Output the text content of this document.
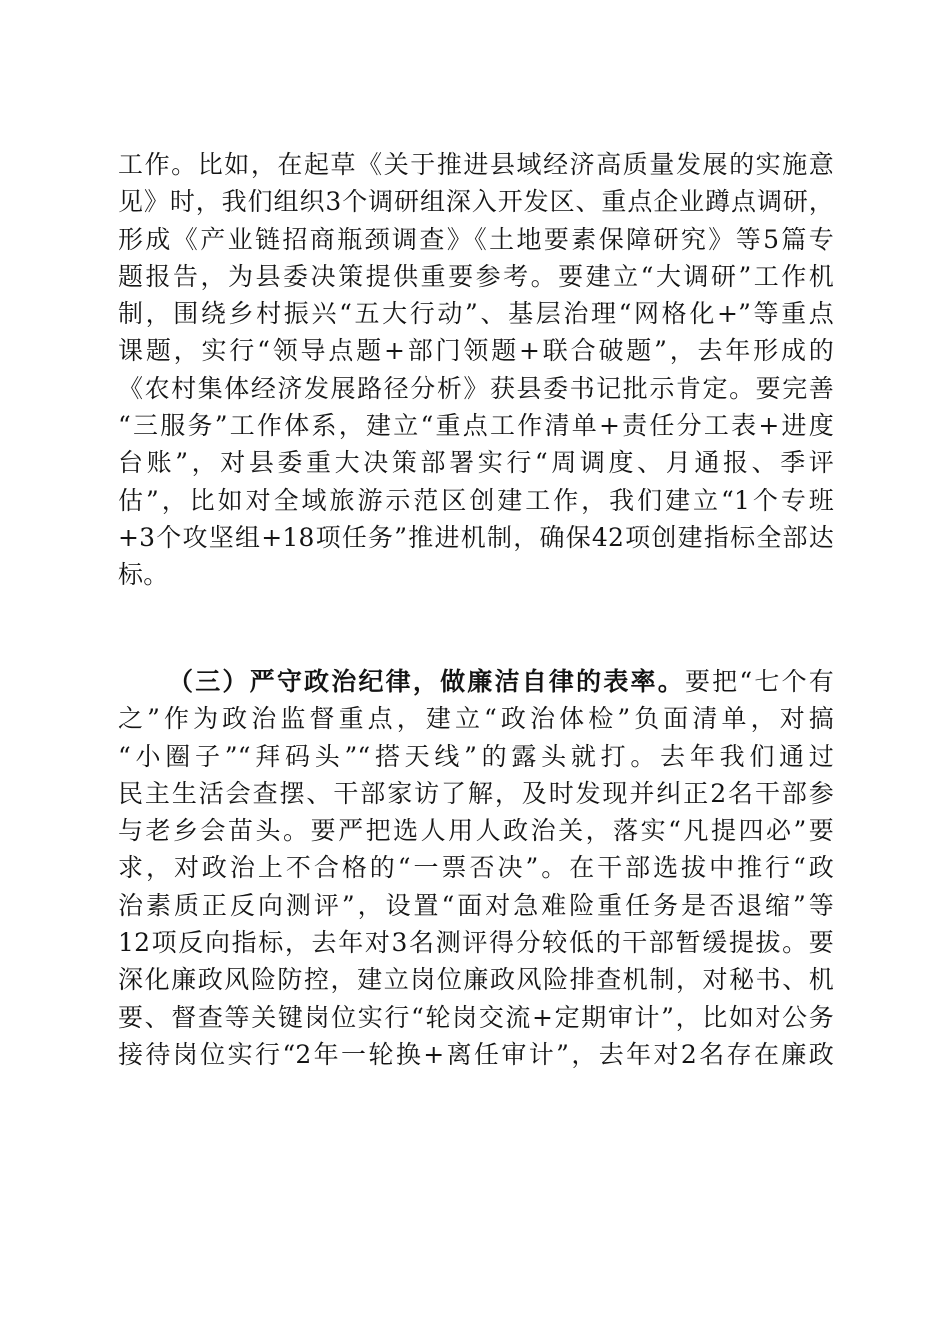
工作。比如，在起草《关于推进县域经济高质量发展的实施意
见》时，我们组织3个调研组深入开发区、重点企业蹲点调研，
形成《产业链招商瓶颈调查》《土地要素保障研究》等5篇专
题报告，为县委决策提供重要参考。要建立“大调研”工作机
制，围绕乡村振兴“五大行动”、基层治理“网格化+”等重点
课题，实行“领导点题+部门领题+联合破题”，去年形成的
《农村集体经济发展路径分析》获县委书记批示肯定。要完善
“三服务”工作体系，建立“重点工作清单+责任分工表+进度
台账”，对县委重大决策部署实行“周调度、月通报、季评
估”，比如对全域旅游示范区创建工作，我们建立“1个专班
+3个攻坚组+18项任务”推进机制，确保42项创建指标全部达
标。
（三）严守政治纪律，做廉洁自律的表率。要把“七个有
之”作为政治监督重点，建立“政治体检”负面清单，对搞
“小圈子”“拜码头”“搭天线”的露头就打。去年我们通过
民主生活会查摆、干部家访了解，及时发现并纠正2名干部参
与老乡会苗头。要严把选人用人政治关，落实“凡提四必”要
求，对政治上不合格的“一票否决”。在干部选拔中推行“政
治素质正反向测评”，设置“面对急难险重任务是否退缩”等
12项反向指标，去年对3名测评得分较低的干部暂缓提拔。要
深化廉政风险防控，建立岗位廉政风险排查机制，对秘书、机
要、督查等关键岗位实行“轮岗交流+定期审计”，比如对公务
接待岗位实行“2年一轮换+离任审计”，去年对2名存在廉政
